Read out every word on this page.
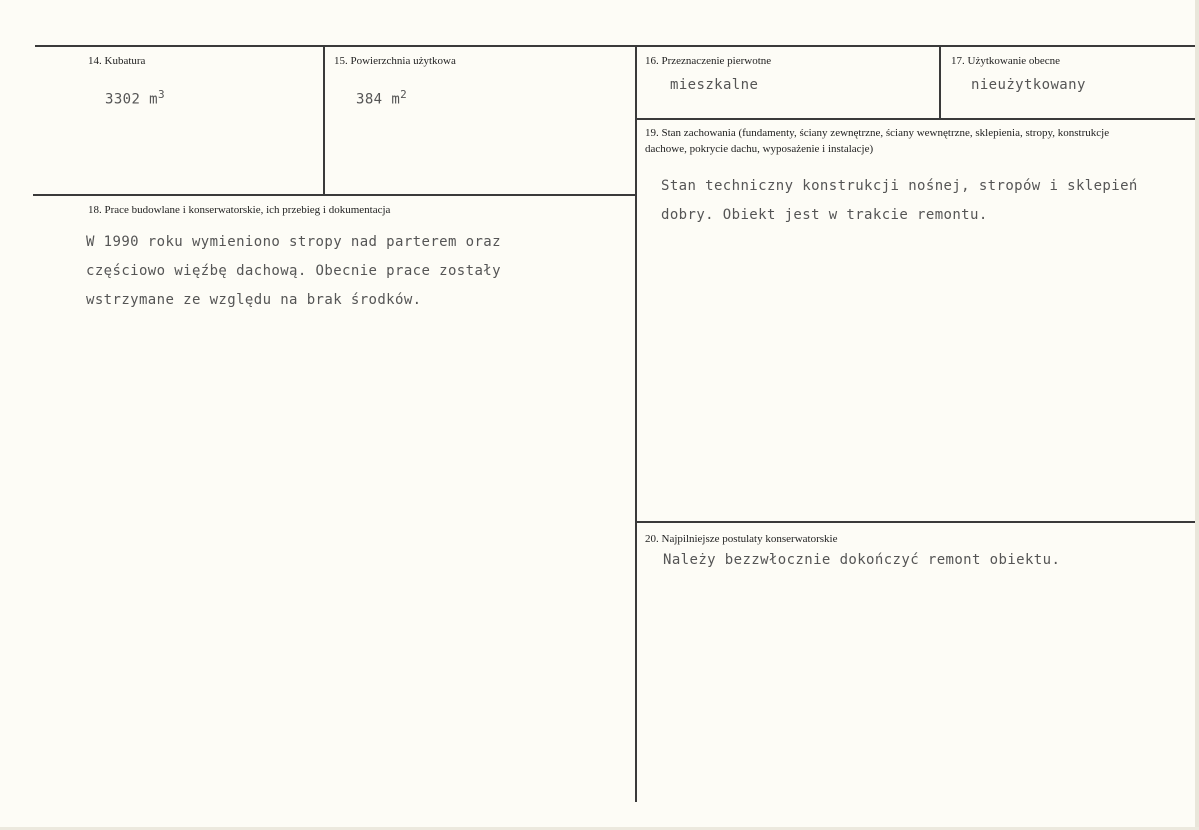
14. Kubatura
3302 $m^3$
15. Powierzchnia użytkowa
384 $m^2$
16. Przeznaczenie pierwotne
mieszkalne
17. Użytkowanie obecne
nieużytkowany
18. Prace budowlane i konserwatorskie, ich przebieg i dokumentacja
W 1990 roku wymieniono stropy nad parterem oraz częściowo więźbę dachową. Obecnie prace zostały wstrzymane ze względu na brak środków.
19. Stan zachowania (fundamenty, ściany zewnętrzne, ściany wewnętrzne, sklepienia, stropy, konstrukcje dachowe, pokrycie dachu, wyposażenie i instalacje)
Stan techniczny konstrukcji nośnej, stropów i sklepień dobry. Obiekt jest w trakcie remontu.
20. Najpilniejsze postulaty konserwatorskie
Należy bezzwłocznie dokończyć remont obiektu.
